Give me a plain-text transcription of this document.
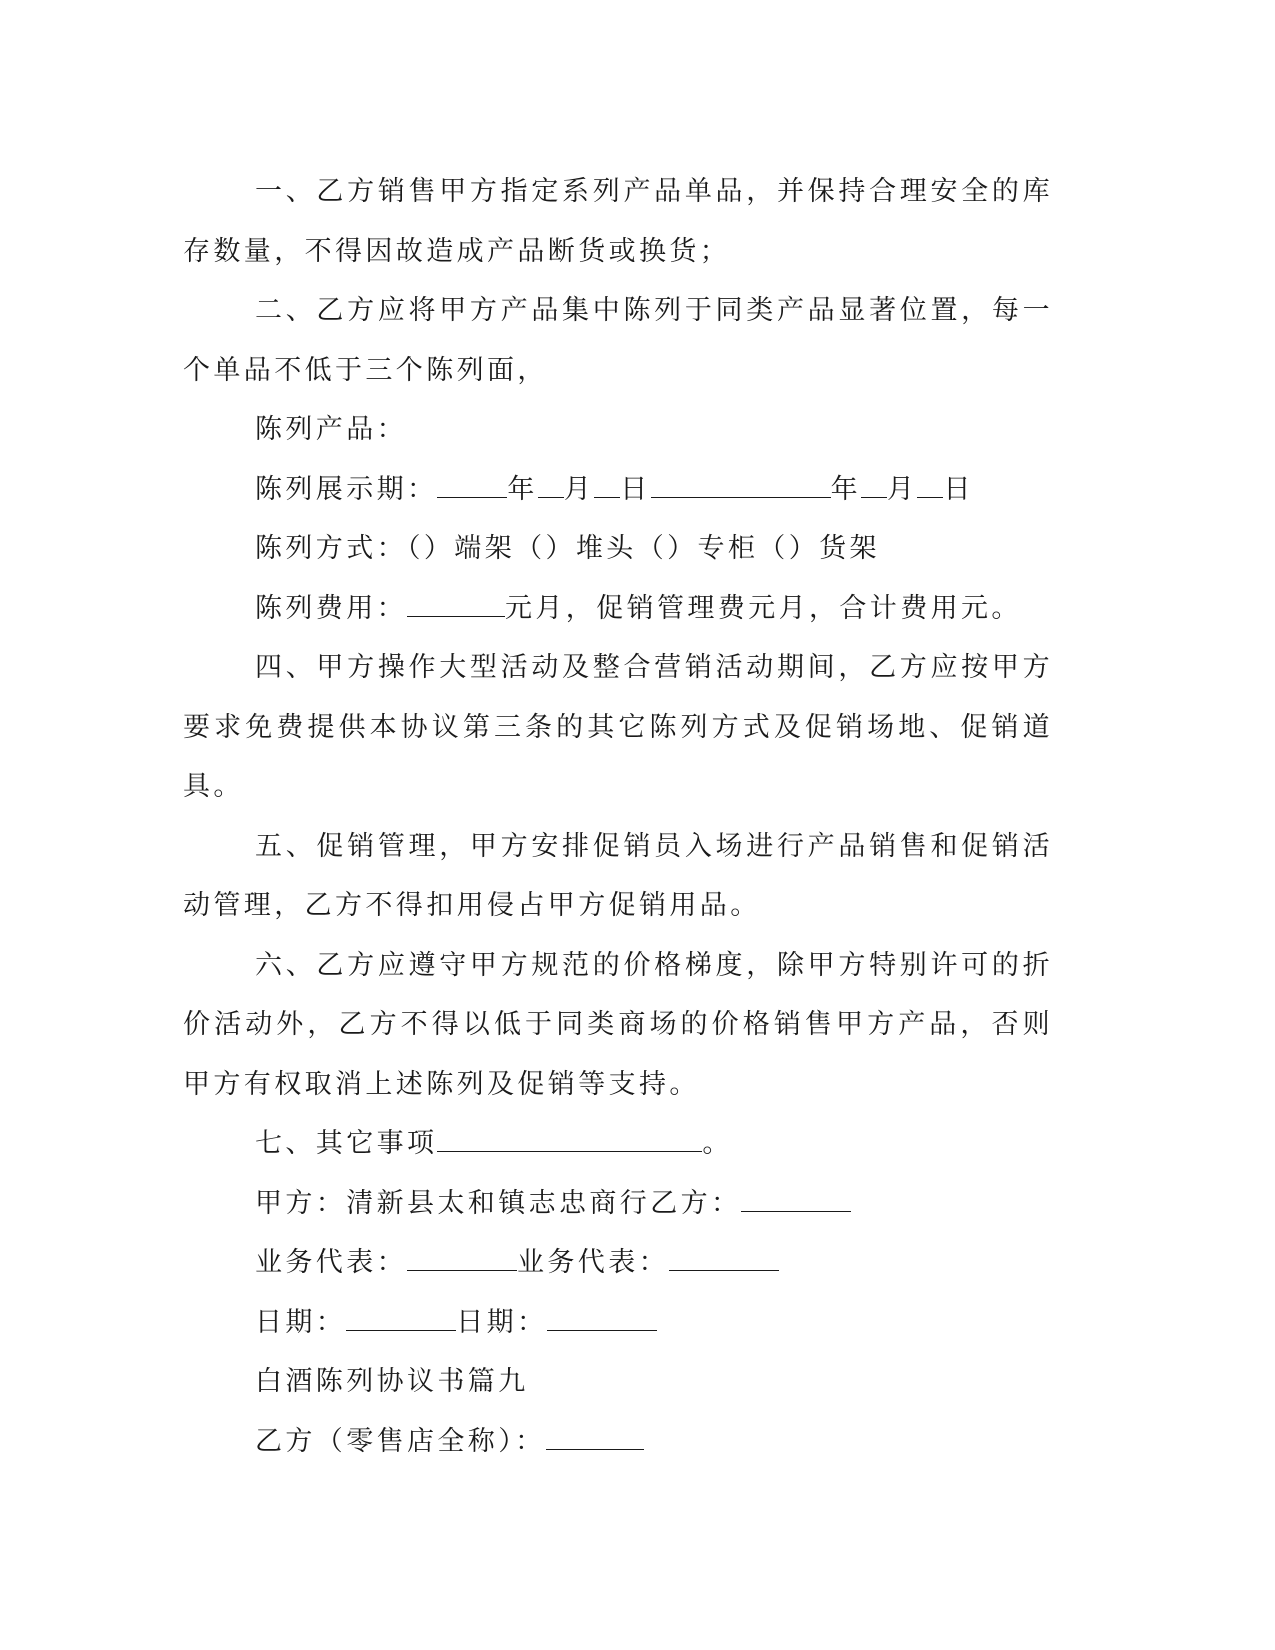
一、乙方销售甲方指定系列产品单品，并保持合理安全的库存数量，不得因故造成产品断货或换货；

二、乙方应将甲方产品集中陈列于同类产品显著位置，每一个单品不低于三个陈列面，

陈列产品：

陈列展示期：	年 月 日	年 月 日

陈列方式：（）端架（）堆头（）专柜（）货架

陈列费用：	元月，促销管理费元月，合计费用元。

四、甲方操作大型活动及整合营销活动期间，乙方应按甲方要求免费提供本协议第三条的其它陈列方式及促销场地、促销道具。

五、促销管理，甲方安排促销员入场进行产品销售和促销活动管理，乙方不得扣用侵占甲方促销用品。

六、乙方应遵守甲方规范的价格梯度，除甲方特别许可的折价活动外，乙方不得以低于同类商场的价格销售甲方产品，否则甲方有权取消上述陈列及促销等支持。

七、其它事项	。

甲方：清新县太和镇志忠商行乙方：

业务代表：	业务代表：

日期：	日期：

白酒陈列协议书篇九

乙方（零售店全称）：
